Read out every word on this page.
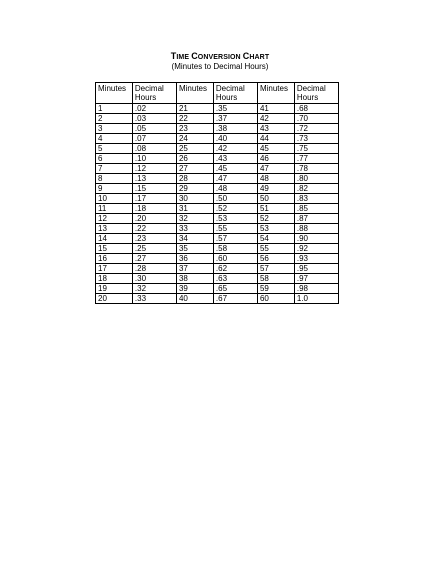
TIME CONVERSION CHART
(Minutes to Decimal Hours)
Minutes	Decimal Hours	Minutes	Decimal Hours	Minutes	Decimal Hours
1	.02	21	.35	41	.68
2	.03	22	.37	42	.70
3	.05	23	.38	43	.72
4	.07	24	.40	44	.73
5	.08	25	.42	45	.75
6	.10	26	.43	46	.77
7	.12	27	.45	47	.78
8	.13	28	.47	48	.80
9	.15	29	.48	49	.82
10	.17	30	.50	50	.83
11	.18	31	.52	51	.85
12	.20	32	.53	52	.87
13	.22	33	.55	53	.88
14	.23	34	.57	54	.90
15	.25	35	.58	55	.92
16	.27	36	.60	56	.93
17	.28	37	.62	57	.95
18	.30	38	.63	58	.97
19	.32	39	.65	59	.98
20	.33	40	.67	60	1.0
